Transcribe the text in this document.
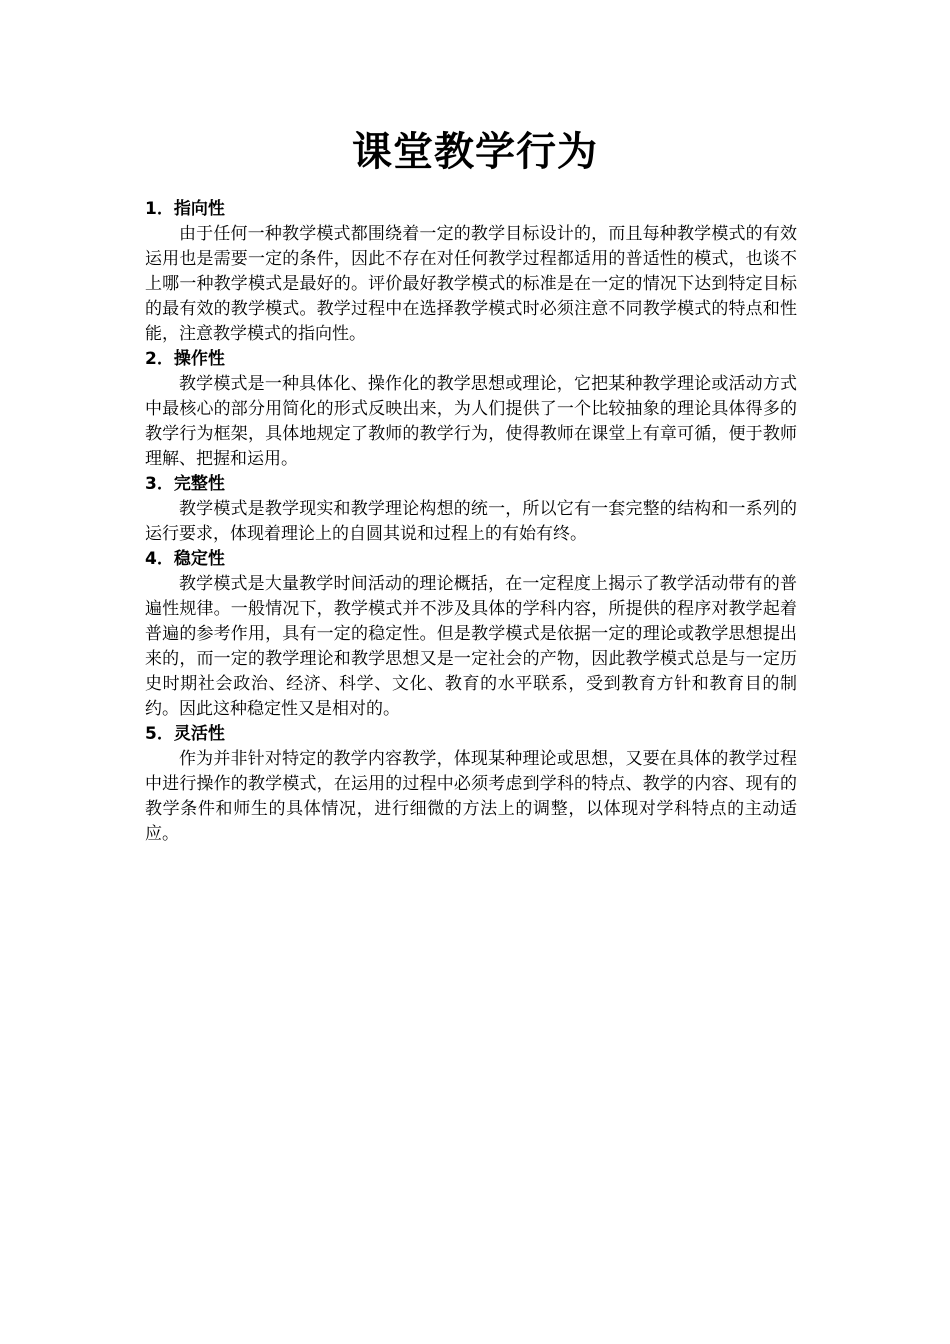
课堂教学行为

1．指向性

由于任何一种教学模式都围绕着一定的教学目标设计的，而且每种教学模式的有效运用也是需要一定的条件，因此不存在对任何教学过程都适用的普适性的模式，也谈不上哪一种教学模式是最好的。评价最好教学模式的标准是在一定的情况下达到特定目标的最有效的教学模式。教学过程中在选择教学模式时必须注意不同教学模式的特点和性能，注意教学模式的指向性。

2．操作性

教学模式是一种具体化、操作化的教学思想或理论，它把某种教学理论或活动方式中最核心的部分用简化的形式反映出来，为人们提供了一个比较抽象的理论具体得多的教学行为框架，具体地规定了教师的教学行为，使得教师在课堂上有章可循，便于教师理解、把握和运用。

3．完整性

教学模式是教学现实和教学理论构想的统一，所以它有一套完整的结构和一系列的运行要求，体现着理论上的自圆其说和过程上的有始有终。

4．稳定性

教学模式是大量教学时间活动的理论概括，在一定程度上揭示了教学活动带有的普遍性规律。一般情况下，教学模式并不涉及具体的学科内容，所提供的程序对教学起着普遍的参考作用，具有一定的稳定性。但是教学模式是依据一定的理论或教学思想提出来的，而一定的教学理论和教学思想又是一定社会的产物，因此教学模式总是与一定历史时期社会政治、经济、科学、文化、教育的水平联系，受到教育方针和教育目的制约。因此这种稳定性又是相对的。

5．灵活性

作为并非针对特定的教学内容教学，体现某种理论或思想，又要在具体的教学过程中进行操作的教学模式，在运用的过程中必须考虑到学科的特点、教学的内容、现有的教学条件和师生的具体情况，进行细微的方法上的调整，以体现对学科特点的主动适应。
